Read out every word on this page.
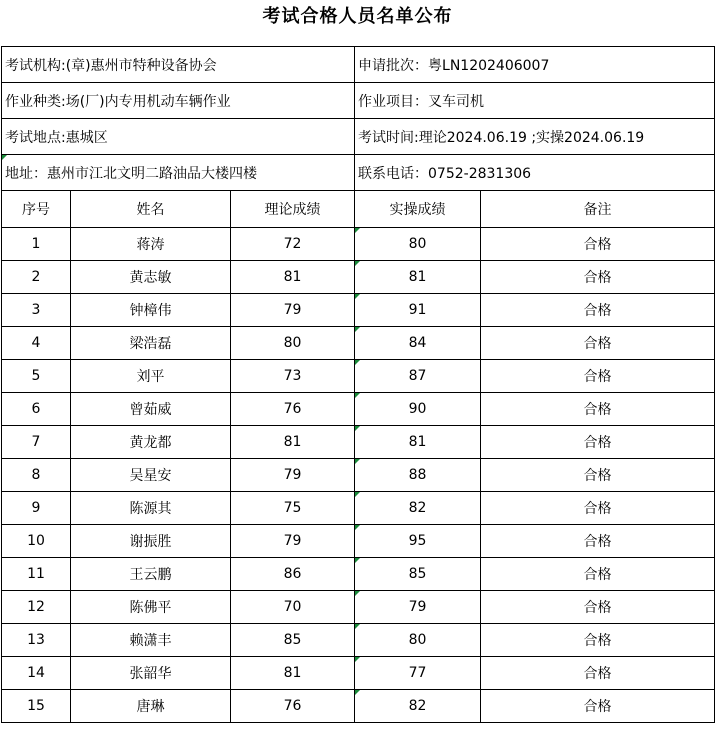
考试合格人员名单公布
考试机构:(章)惠州市特种设备协会			申请批次：粤LN1202406007	
作业种类:场(厂)内专用机动车辆作业			作业项目：叉车司机	
考试地点:惠城区			考试时间:理论2024.06.19 ;实操2024.06.19	
地址：惠州市江北文明二路油品大楼四楼			联系电话：0752-2831306	
序号	姓名	理论成绩	实操成绩	备注
1	蒋涛	72	80	合格
2	黄志敏	81	81	合格
3	钟樟伟	79	91	合格
4	梁浩磊	80	84	合格
5	刘平	73	87	合格
6	曾茹威	76	90	合格
7	黄龙都	81	81	合格
8	吴星安	79	88	合格
9	陈源其	75	82	合格
10	谢振胜	79	95	合格
11	王云鹏	86	85	合格
12	陈佛平	70	79	合格
13	赖潇丰	85	80	合格
14	张韶华	81	77	合格
15	唐琳	76	82	合格
